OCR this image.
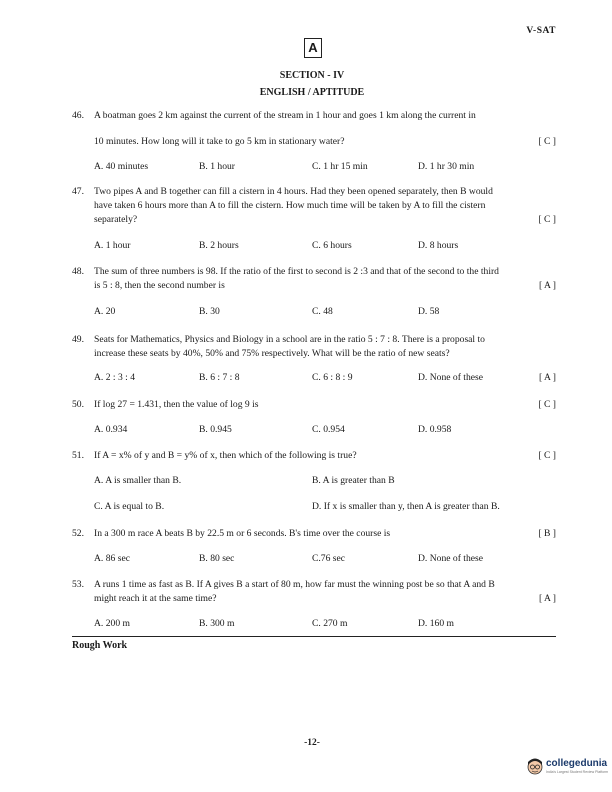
V-SAT
A
SECTION - IV
ENGLISH / APTITUDE
46. A boatman goes 2 km against the current of the stream in 1 hour and goes 1 km along the current in
10 minutes. How long will it take to go 5 km in stationary water?	[ C ]
A. 40 minutes	B. 1 hour	C. 1 hr 15 min	D. 1 hr 30 min
47. Two pipes A and B together can fill a cistern in 4 hours. Had they been opened separately, then B would
have taken 6 hours more than A to fill the cistern. How much time will be taken by A to fill the cistern
separately?	[ C ]
A. 1 hour	B. 2 hours	C. 6 hours	D. 8 hours
48. The sum of three numbers is 98. If the ratio of the first to second is 2 :3 and that of the second to the third
is 5 : 8, then the second number is	[ A ]
A. 20	B. 30	C. 48	D. 58
49. Seats for Mathematics, Physics and Biology in a school are in the ratio 5 : 7 : 8. There is a proposal to
increase these seats by 40%, 50% and 75% respectively. What will be the ratio of new seats?
A. 2 : 3 : 4	B. 6 : 7 : 8	C. 6 : 8 : 9	D. None of these	[ A ]
50. If log 27 = 1.431, then the value of log 9 is	[ C ]
A. 0.934	B. 0.945	C. 0.954	D. 0.958
51. If A = x% of y and B = y% of x, then which of the following is true?	[ C ]
A. A is smaller than B.	B. A is greater than B
C. A is equal to B.	D. If x is smaller than y, then A is greater than B.
52. In a 300 m race A beats B by 22.5 m or 6 seconds. B's time over the course is	[ B ]
A. 86 sec	B. 80 sec	C.76 sec	D. None of these
53. A runs 1 time as fast as B. If A gives B a start of 80 m, how far must the winning post be so that A and B
might reach it at the same time?	[ A ]
A. 200 m	B. 300 m	C. 270 m	D. 160 m
Rough Work
-12-
collegedunia
India's Largest Student Review Platform
